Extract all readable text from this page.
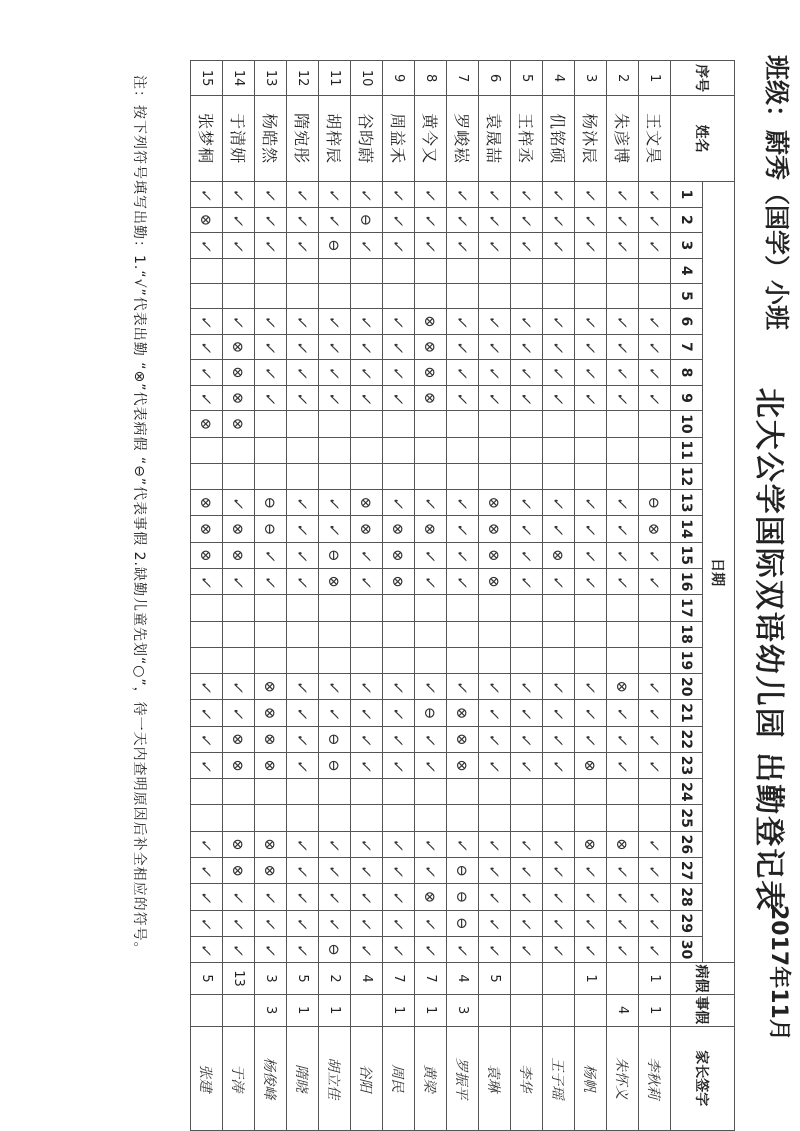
北大公学国际双语幼儿园 出勤登记表
2017年11月
班级：蔚秀（国学）小班
序号	姓名	日期																														病假	事假	家长签字
		1	2	3	4	5	6	7	8	9	10	11	12	13	14	15	16	17	18	19	20	21	22	23	24	25	26	27	28	29	30			
1	王文昊	✓	✓	✓			✓	✓	✓	✓				⊖	⊗	✓	✓				✓	✓	✓	✓			✓	✓	✓	✓	✓	1	1	李秋莉
2	朱彦博	✓	✓	✓			✓	✓	✓	✓				✓	✓	✓	✓				⊗	✓	✓	✓			⊗	✓	✓	✓	✓		4	朱怀义
3	杨沐辰	✓	✓	✓			✓	✓	✓	✓				✓	✓	✓	✓				✓	✓	✓	⊗			⊗	✓	✓	✓	✓	1		杨帆
4	仉铭硕	✓	✓	✓			✓	✓	✓	✓				✓	✓	⊗	✓				✓	✓	✓	✓			✓	✓	✓	✓	✓			王子瑶
5	王梓丞	✓	✓	✓			✓	✓	✓	✓				✓	✓	✓	✓				✓	✓	✓	✓			✓	✓	✓	✓	✓			李华
6	袁晟喆	✓	✓	✓			✓	✓	✓	✓				⊗	⊗	⊗	⊗				✓	✓	✓	✓			✓	✓	✓	✓	✓	5		袁琳
7	罗峻崧	✓	✓	✓			✓	✓	✓	✓				✓	✓	✓	✓				✓	⊗	⊗	⊗			✓	⊖	⊖	⊖	✓	4	3	罗振平
8	黄今又	✓	✓	✓			⊗	⊗	⊗	⊗				✓	⊗	✓	✓				✓	⊖	✓	✓			✓	✓	⊗	✓	✓	7	1	黄梁
9	周益禾	✓	✓	✓			✓	✓	✓	✓				✓	⊗	⊗	⊗				✓	✓	✓	✓			✓	✓	✓	✓	✓	7	1	周民
10	谷昀蔚	✓	⊖	✓			✓	✓	✓	✓				⊗	⊗	✓	✓				✓	✓	✓	✓			✓	✓	✓	✓	✓	4		谷阳
11	胡梓辰	✓	✓	⊖			✓	✓	✓	✓				✓	✓	⊖	⊗				✓	✓	⊖	⊖			✓	✓	✓	✓	⊖	2	1	胡立佳
12	隋宛彤	✓	✓	✓			✓	✓	✓	✓				✓	✓	✓	✓				✓	✓	✓	✓			✓	✓	✓	✓	✓	5	1	隋晓
13	杨皓然	✓	✓	✓			✓	✓	✓	✓				⊖	⊖	✓	✓				⊗	⊗	⊗	⊗			⊗	⊗	✓	✓	✓	3	3	杨俊峰
14	于清妍	✓	✓	✓			✓	⊗	⊗	⊗	⊗			✓	⊗	⊗	✓				✓	✓	⊗	⊗			⊗	⊗	✓	✓	✓	13		于涛
15	张梦桐	✓	⊗	✓			✓	✓	✓	✓	⊗			⊗	⊗	⊗	✓				✓	✓	✓	✓			✓	✓	✓	✓	✓	5		张建
注：按下列符号填写出勤：1.“√”代表出勤 “⊗”代表病假 “⊖”代表事假 2.缺勤儿童先划“○”，待一天内查明原因后补全相应的符号。
